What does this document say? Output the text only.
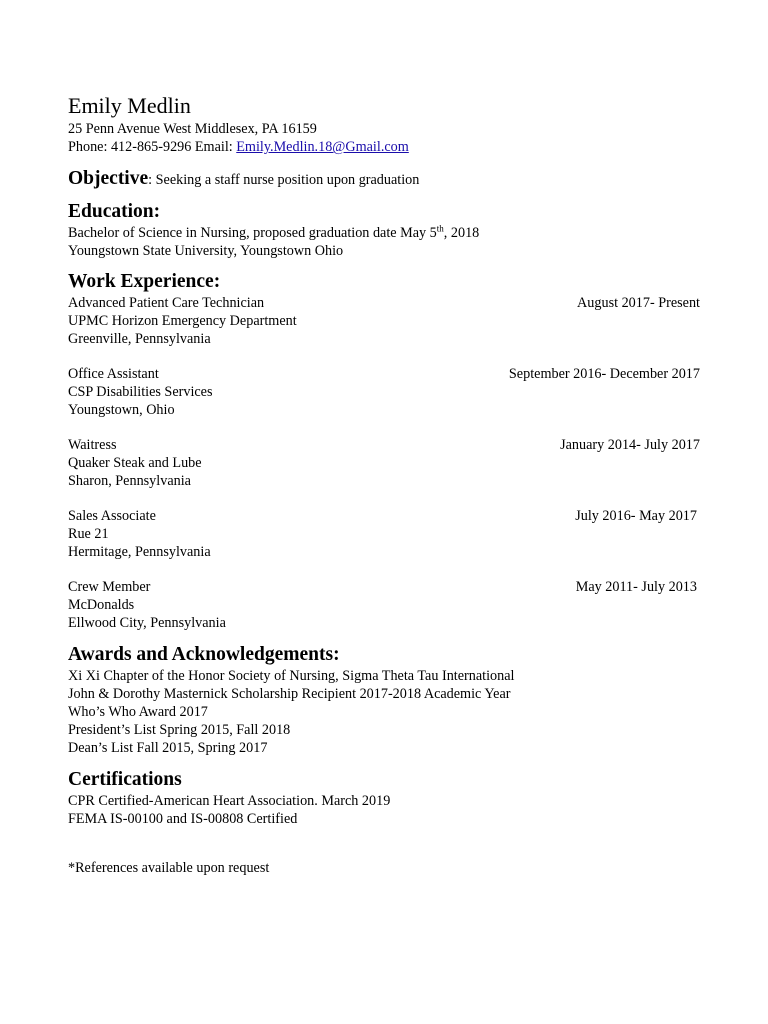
Emily Medlin

25 Penn Avenue West Middlesex, PA 16159

Phone: 412-865-9296 Email: Emily.Medlin.18@Gmail.com

Objective: Seeking a staff nurse position upon graduation
Education:

Bachelor of Science in Nursing, proposed graduation date May 5th, 2018

Youngstown State University, Youngstown Ohio

Work Experience:

Advanced Patient Care Technician	August 2017- Present

UPMC Horizon Emergency Department

Greenville, Pennsylvania

Office Assistant	September 2016- December 2017

CSP Disabilities Services

Youngstown, Ohio

Waitress	January 2014- July 2017

Quaker Steak and Lube

Sharon, Pennsylvania

Sales Associate	July 2016- May 2017

Rue 21

Hermitage, Pennsylvania

Crew Member	May 2011- July 2013

McDonalds

Ellwood City, Pennsylvania

Awards and Acknowledgements:

Xi Xi Chapter of the Honor Society of Nursing, Sigma Theta Tau International

John & Dorothy Masternick Scholarship Recipient 2017-2018 Academic Year

Who’s Who Award 2017

President’s List Spring 2015, Fall 2018

Dean’s List Fall 2015, Spring 2017

Certifications

CPR Certified-American Heart Association. March 2019

FEMA IS-00100 and IS-00808 Certified

*References available upon request
